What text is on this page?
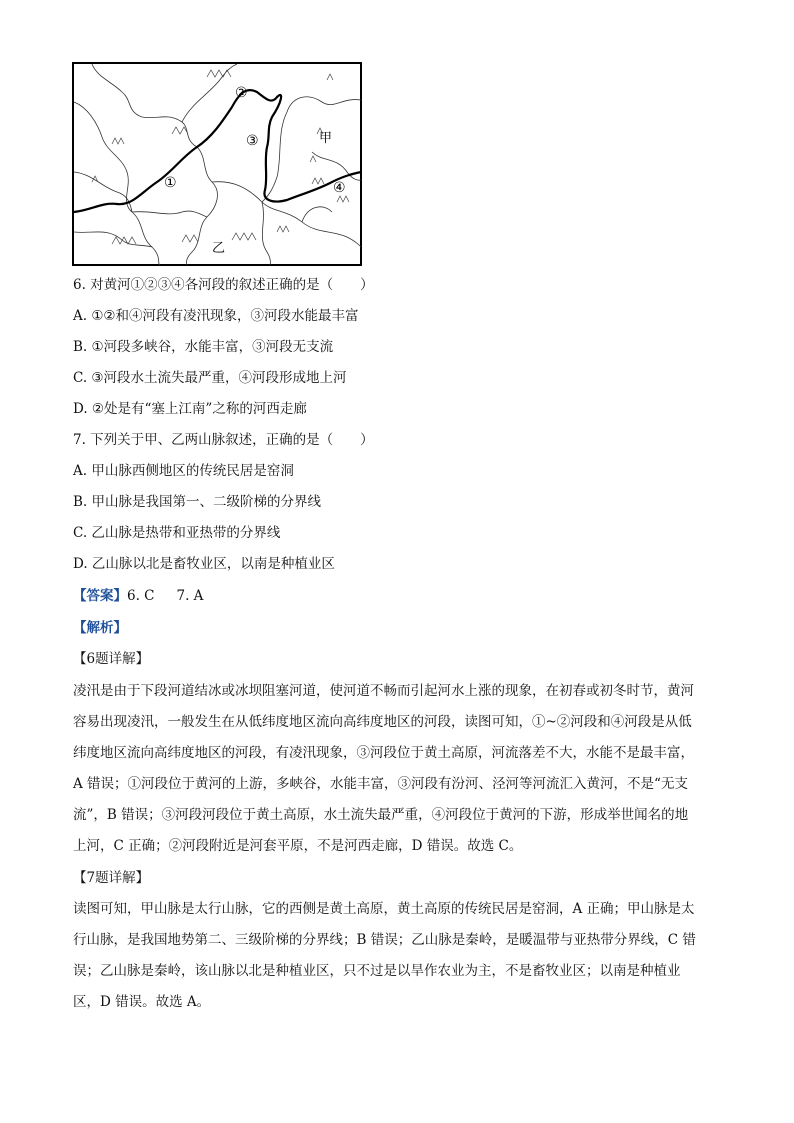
①
②
③
④
甲
乙
6. 对黄河①②③④各河段的叙述正确的是（　　）
A. ①②和④河段有凌汛现象，③河段水能最丰富
B. ①河段多峡谷，水能丰富，③河段无支流
C. ③河段水土流失最严重，④河段形成地上河
D. ②处是有“塞上江南”之称的河西走廊
7. 下列关于甲、乙两山脉叙述，正确的是（　　）
A. 甲山脉西侧地区的传统民居是窑洞
B. 甲山脉是我国第一、二级阶梯的分界线
C. 乙山脉是热带和亚热带的分界线
D. 乙山脉以北是畜牧业区，以南是种植业区
【答案】6. C 7. A
【解析】
【6题详解】
凌汛是由于下段河道结冰或冰坝阻塞河道，使河道不畅而引起河水上涨的现象，在初春或初冬时节，黄河
容易出现凌汛，一般发生在从低纬度地区流向高纬度地区的河段，读图可知，①~②河段和④河段是从低
纬度地区流向高纬度地区的河段，有凌汛现象，③河段位于黄土高原，河流落差不大，水能不是最丰富，
A 错误；①河段位于黄河的上游，多峡谷，水能丰富，③河段有汾河、泾河等河流汇入黄河，不是“无支
流”，B 错误；③河段河段位于黄土高原，水土流失最严重，④河段位于黄河的下游，形成举世闻名的地
上河，C 正确；②河段附近是河套平原，不是河西走廊，D 错误。故选 C。
【7题详解】
读图可知，甲山脉是太行山脉，它的西侧是黄土高原，黄土高原的传统民居是窑洞，A 正确；甲山脉是太
行山脉，是我国地势第二、三级阶梯的分界线；B 错误；乙山脉是秦岭，是暖温带与亚热带分界线，C 错
误；乙山脉是秦岭，该山脉以北是种植业区，只不过是以旱作农业为主，不是畜牧业区；以南是种植业
区，D 错误。故选 A。
